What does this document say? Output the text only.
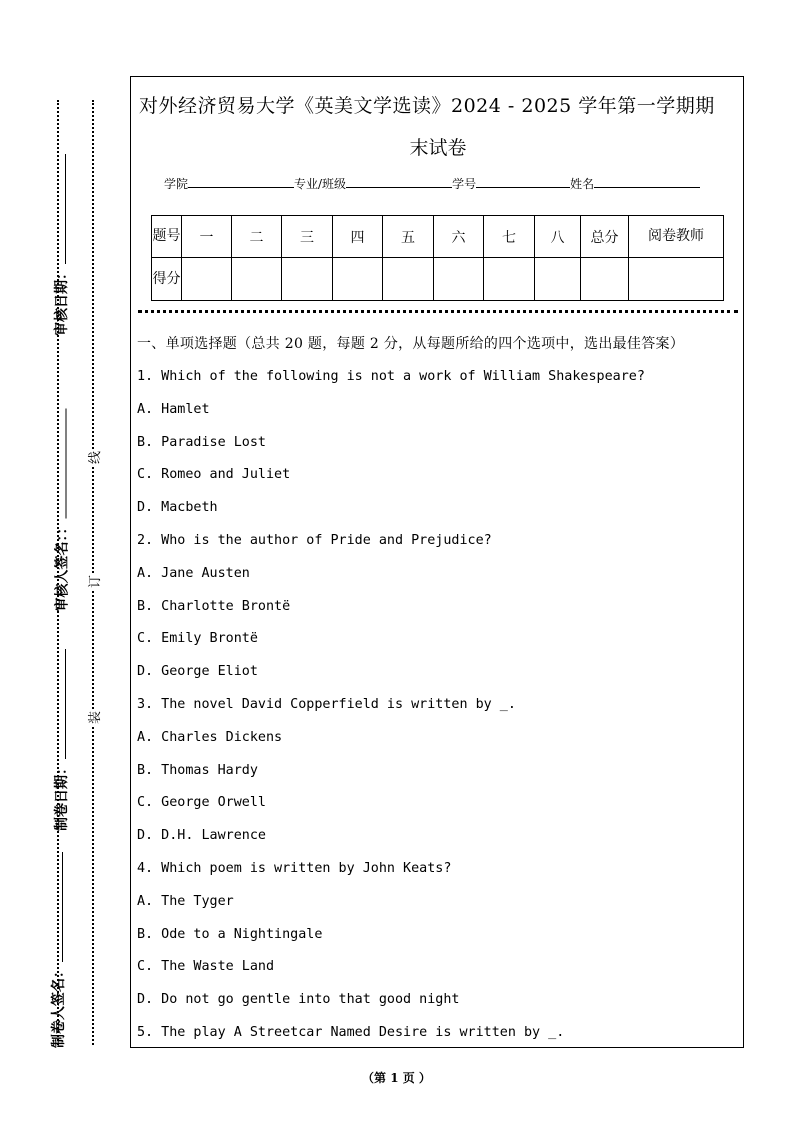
审核日期：
审核人签名：：
制卷日期：
制卷人签名：
线
订
装
对外经济贸易大学《英美文学选读》2024 - 2025 学年第一学期期
末试卷
学院	专业/班级	学号	姓名
题号	一	二	三	四	五	六	七	八	总分	阅卷教师
得分										
一、单项选择题（总共 20 题，每题 2 分，从每题所给的四个选项中，选出最佳答案）
1. Which of the following is not a work of William Shakespeare?
A. Hamlet
B. Paradise Lost
C. Romeo and Juliet
D. Macbeth
2. Who is the author of Pride and Prejudice?
A. Jane Austen
B. Charlotte Brontë
C. Emily Brontë
D. George Eliot
3. The novel David Copperfield is written by _.
A. Charles Dickens
B. Thomas Hardy
C. George Orwell
D. D.H. Lawrence
4. Which poem is written by John Keats?
A. The Tyger
B. Ode to a Nightingale
C. The Waste Land
D. Do not go gentle into that good night
5. The play A Streetcar Named Desire is written by _.
（第 1 页 ）
